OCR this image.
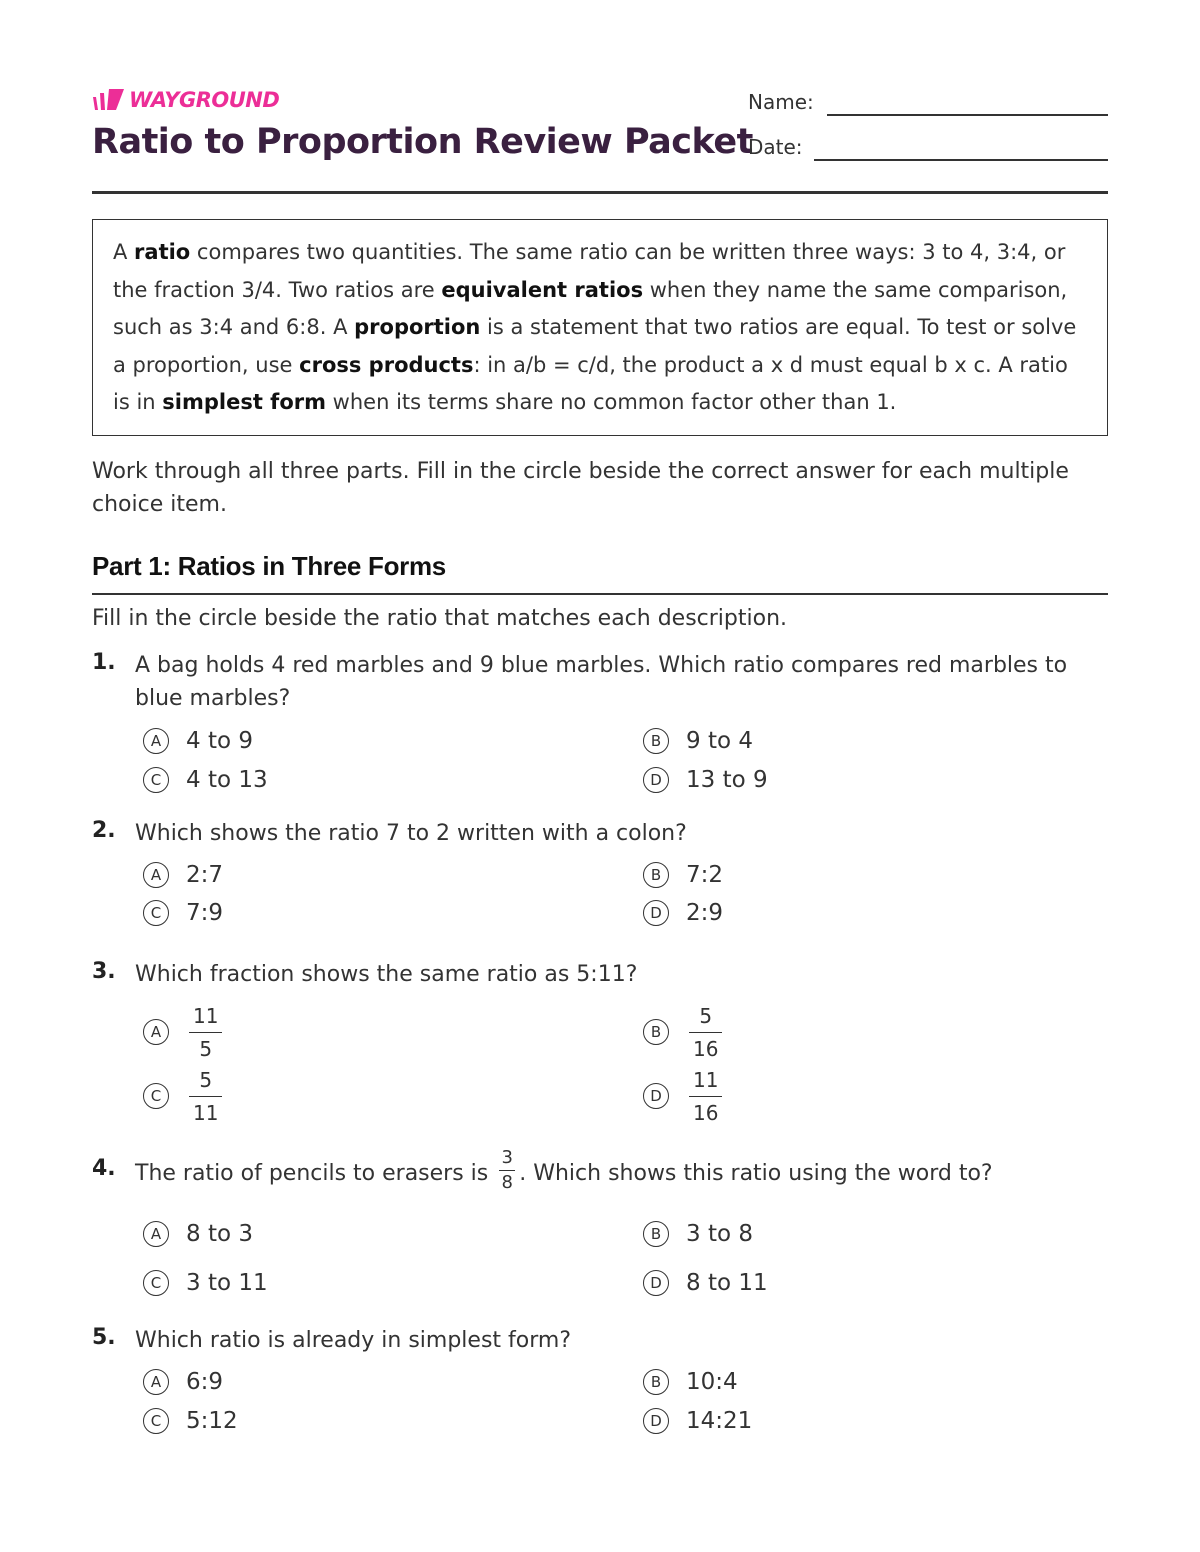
WAYGROUND
Ratio to Proportion Review Packet
Name:
Date:
A ratio compares two quantities. The same ratio can be written three ways: 3 to 4, 3:4, or the fraction 3/4. Two ratios are equivalent ratios when they name the same comparison, such as 3:4 and 6:8. A proportion is a statement that two ratios are equal. To test or solve a proportion, use cross products: in a/b = c/d, the product a x d must equal b x c. A ratio is in simplest form when its terms share no common factor other than 1.
Work through all three parts. Fill in the circle beside the correct answer for each multiple choice item.
Part 1: Ratios in Three Forms
Fill in the circle beside the ratio that matches each description.
1. A bag holds 4 red marbles and 9 blue marbles. Which ratio compares red marbles to blue marbles?
A	4 to 9	B	9 to 4
C	4 to 13	D	13 to 9
2. Which shows the ratio 7 to 2 written with a colon?
A	2:7	B	7:2
C	7:9	D	2:9
3. Which fraction shows the same ratio as 5:11?
A	$\frac{11}{5}$	B	$\frac{5}{16}$
C	$\frac{5}{11}$	D	$\frac{11}{16}$
4. The ratio of pencils to erasers is $\frac{3}{8}$ . Which shows this ratio using the word to?
A	8 to 3	B	3 to 8
C	3 to 11	D	8 to 11
5. Which ratio is already in simplest form?
A	6:9	B	10:4
C	5:12	D	14:21
